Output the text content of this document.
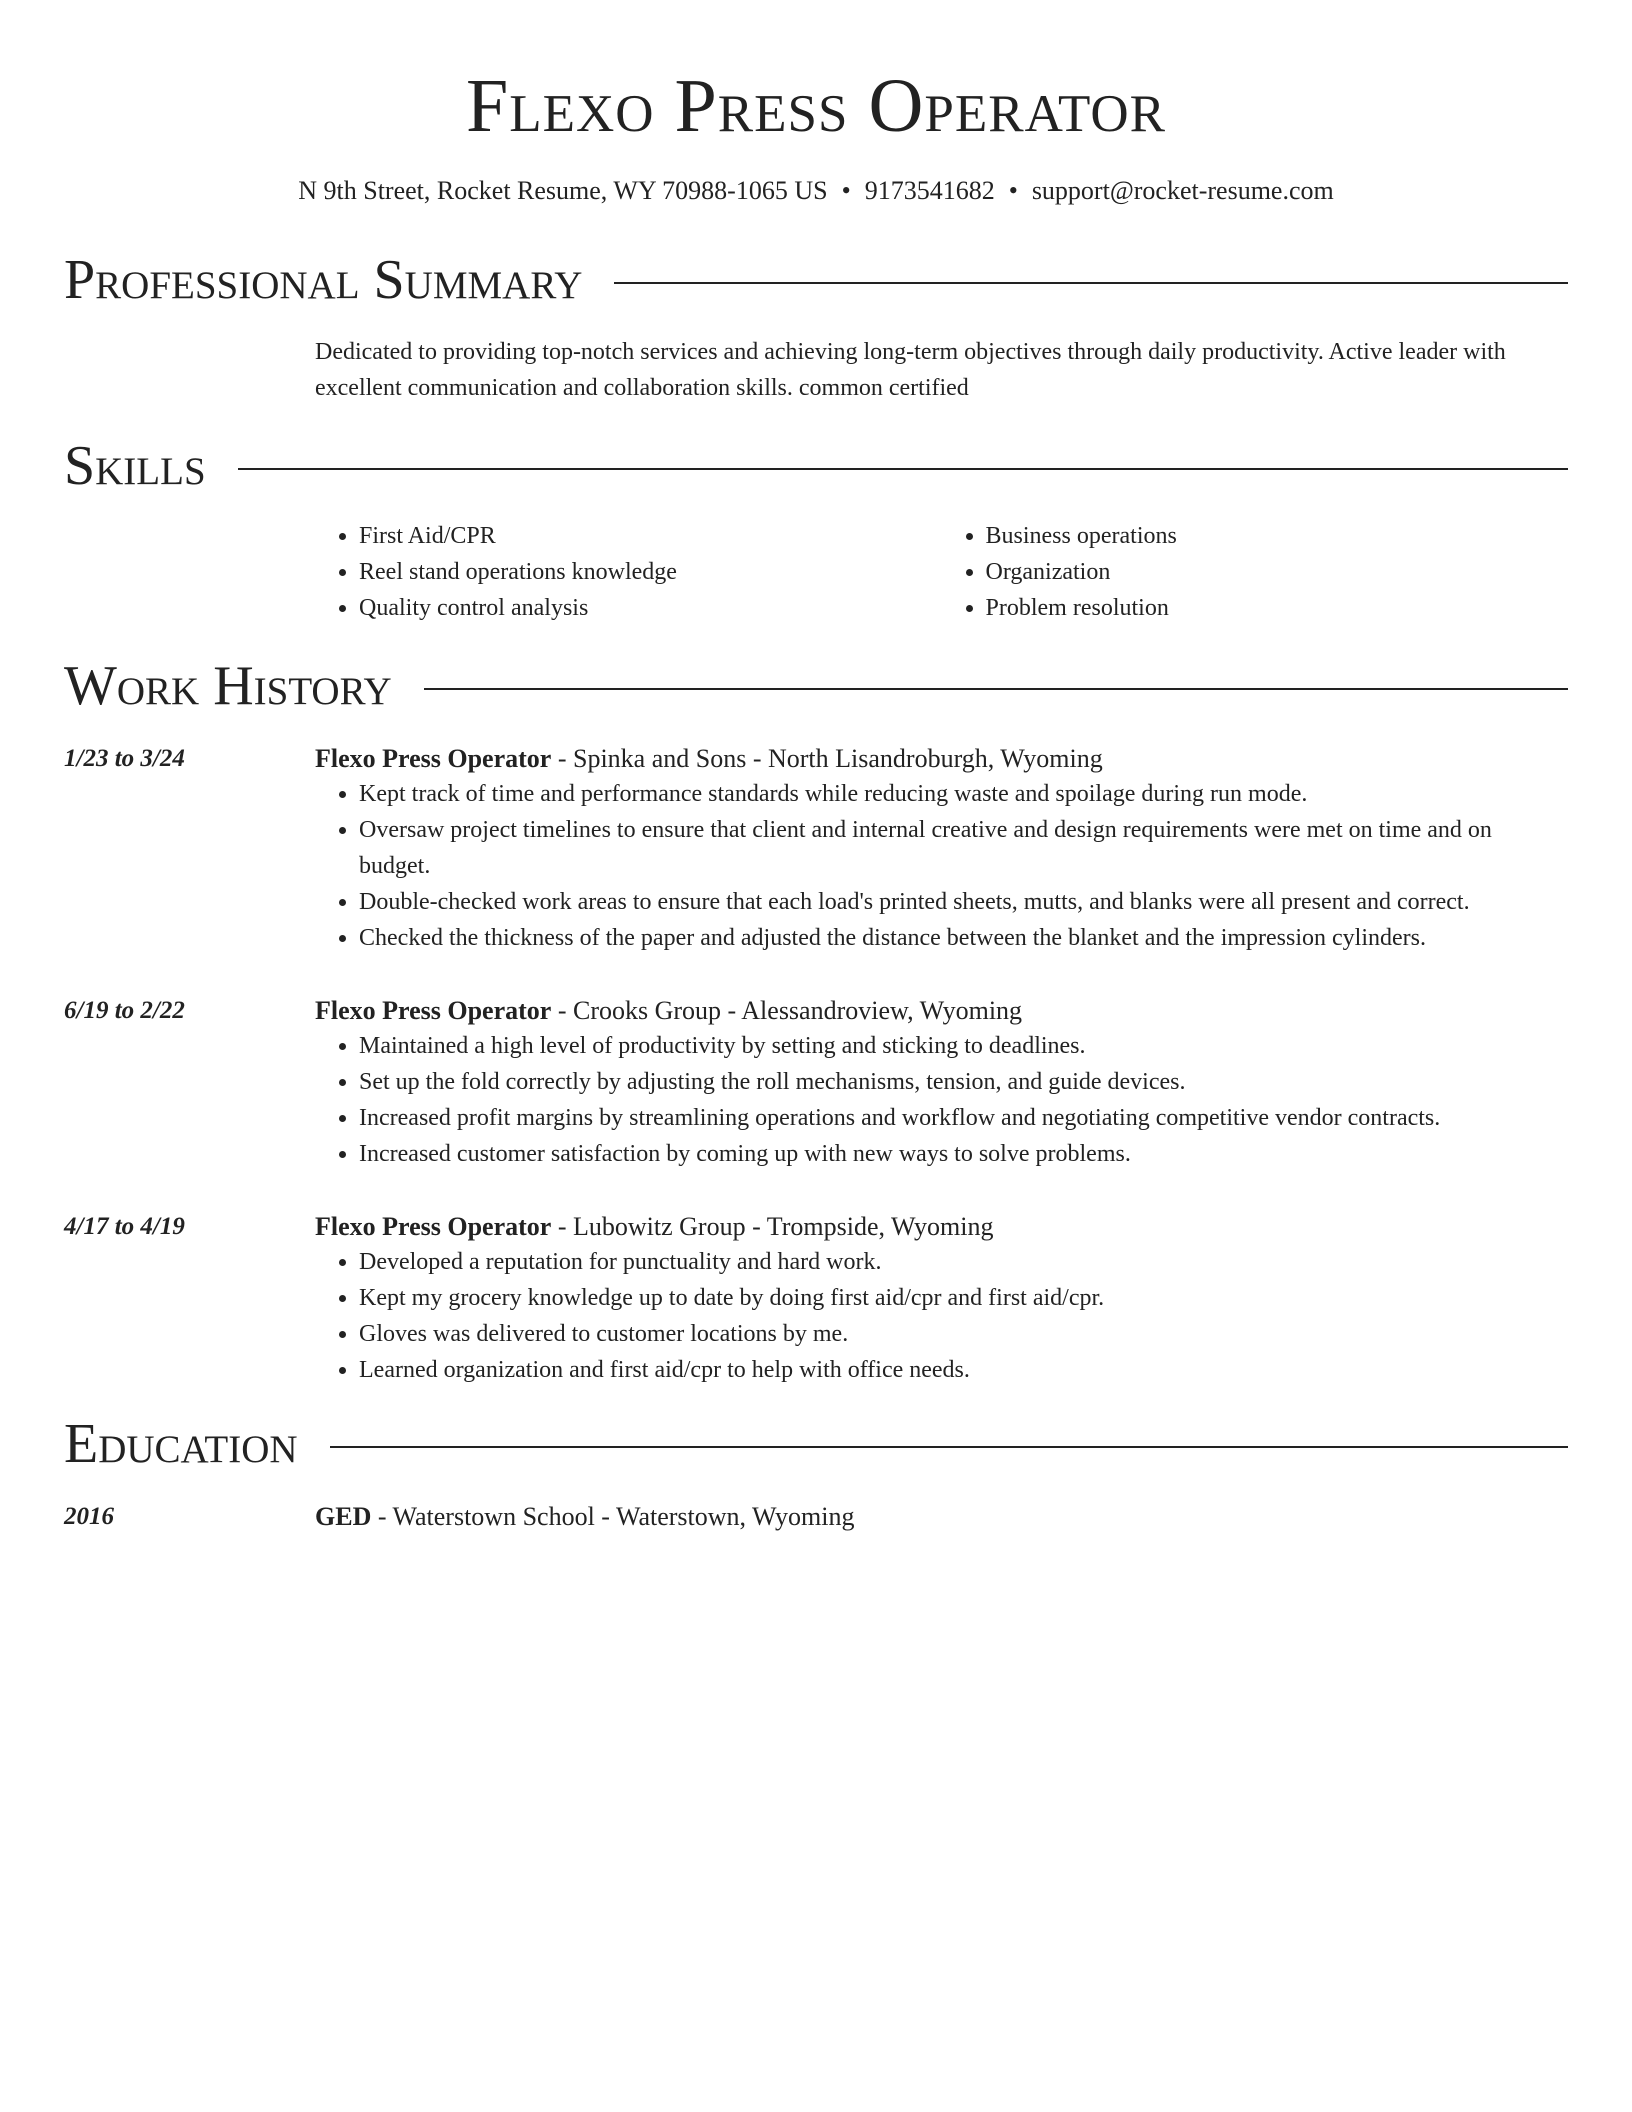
Flexo Press Operator
N 9th Street, Rocket Resume, WY 70988-1065 US • 9173541682 • support@rocket-resume.com
Professional Summary
Dedicated to providing top-notch services and achieving long-term objectives through daily productivity. Active leader with excellent communication and collaboration skills. common certified
Skills
• First Aid/CPR
• Reel stand operations knowledge
• Quality control analysis
• Business operations
• Organization
• Problem resolution
Work History
1/23 to 3/24	Flexo Press Operator - Spinka and Sons - North Lisandroburgh, Wyoming
• Kept track of time and performance standards while reducing waste and spoilage during run mode.
• Oversaw project timelines to ensure that client and internal creative and design requirements were met on time and on budget.
• Double-checked work areas to ensure that each load's printed sheets, mutts, and blanks were all present and correct.
• Checked the thickness of the paper and adjusted the distance between the blanket and the impression cylinders.
6/19 to 2/22	Flexo Press Operator - Crooks Group - Alessandroview, Wyoming
• Maintained a high level of productivity by setting and sticking to deadlines.
• Set up the fold correctly by adjusting the roll mechanisms, tension, and guide devices.
• Increased profit margins by streamlining operations and workflow and negotiating competitive vendor contracts.
• Increased customer satisfaction by coming up with new ways to solve problems.
4/17 to 4/19	Flexo Press Operator - Lubowitz Group - Trompside, Wyoming
• Developed a reputation for punctuality and hard work.
• Kept my grocery knowledge up to date by doing first aid/cpr and first aid/cpr.
• Gloves was delivered to customer locations by me.
• Learned organization and first aid/cpr to help with office needs.
Education
2016	GED - Waterstown School - Waterstown, Wyoming
